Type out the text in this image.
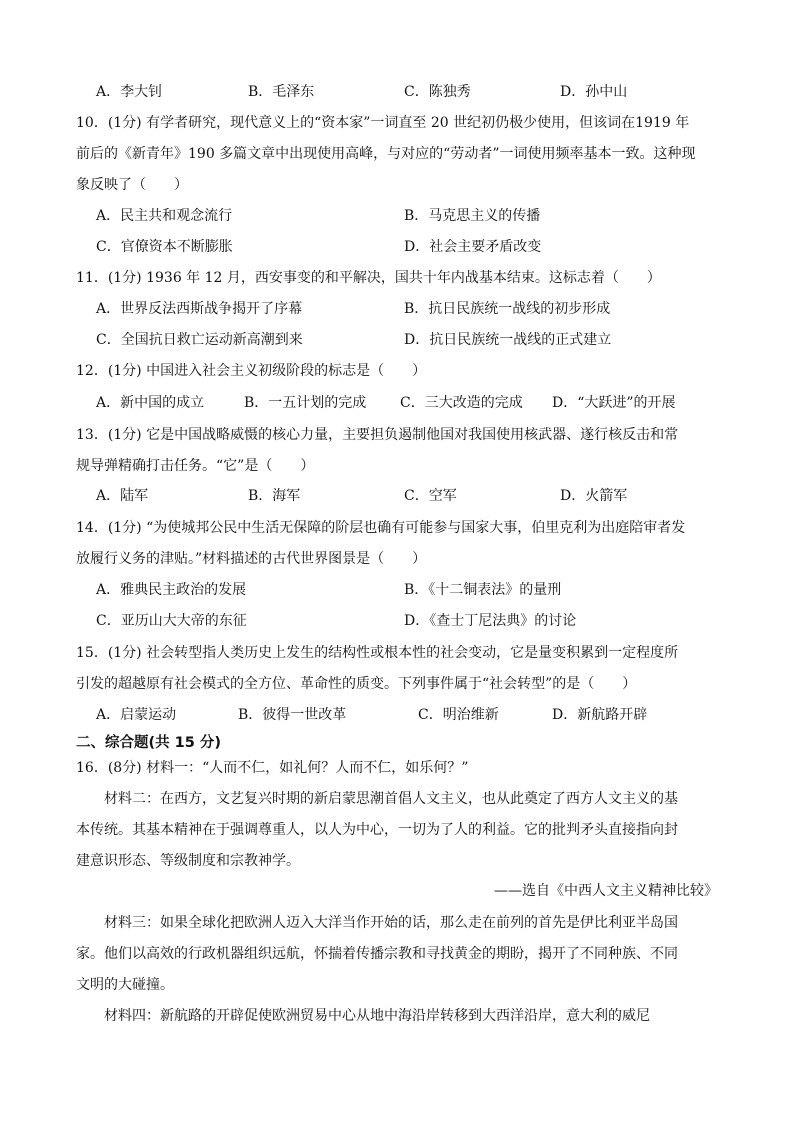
A．李大钊	B．毛泽东	C．陈独秀	D．孙中山
10．(1分) 有学者研究，现代意义上的“资本家”一词直至 20 世纪初仍极少使用，但该词在1919 年
前后的《新青年》190 多篇文章中出现使用高峰，与对应的“劳动者”一词使用频率基本一致。这种现
象反映了（　　）
A．民主共和观念流行	B．马克思主义的传播
C．官僚资本不断膨胀	D．社会主要矛盾改变
11．(1分) 1936 年 12 月，西安事变的和平解决，国共十年内战基本结束。这标志着（　　）
A．世界反法西斯战争揭开了序幕	B．抗日民族统一战线的初步形成
C．全国抗日救亡运动新高潮到来	D．抗日民族统一战线的正式建立
12．(1分) 中国进入社会主义初级阶段的标志是（　　）
A．新中国的成立	B．一五计划的完成 C．三大改造的完成 D．“大跃进”的开展
13．(1分) 它是中国战略威慑的核心力量，主要担负遏制他国对我国使用核武器、遂行核反击和常
规导弹精确打击任务。“它”是（　　）
A．陆军	B．海军	C．空军	D．火箭军
14．(1分) “为使城邦公民中生活无保障的阶层也确有可能参与国家大事，伯里克利为出庭陪审者发
放履行义务的津贴。”材料描述的古代世界图景是（　　）
A．雅典民主政治的发展	B．《十二铜表法》的量刑
C．亚历山大大帝的东征	D．《查士丁尼法典》的讨论
15．(1分) 社会转型指人类历史上发生的结构性或根本性的社会变动，它是量变积累到一定程度所
引发的超越原有社会模式的全方位、革命性的质变。下列事件属于“社会转型”的是（　　）
A．启蒙运动	B．彼得一世改革	C．明治维新	D．新航路开辟
二、综合题(共 15 分)
16．(8分) 材料一：“人而不仁，如礼何？人而不仁，如乐何？”
材料二：在西方，文艺复兴时期的新启蒙思潮首倡人文主义，也从此奠定了西方人文主义的基
本传统。其基本精神在于强调尊重人，以人为中心，一切为了人的利益。它的批判矛头直接指向封
建意识形态、等级制度和宗教神学。
——选自《中西人文主义精神比较》
材料三：如果全球化把欧洲人迈入大洋当作开始的话，那么走在前列的首先是伊比利亚半岛国
家。他们以高效的行政机器组织远航，怀揣着传播宗教和寻找黄金的期盼，揭开了不同种族、不同
文明的大碰撞。
材料四：新航路的开辟促使欧洲贸易中心从地中海沿岸转移到大西洋沿岸，意大利的威尼
